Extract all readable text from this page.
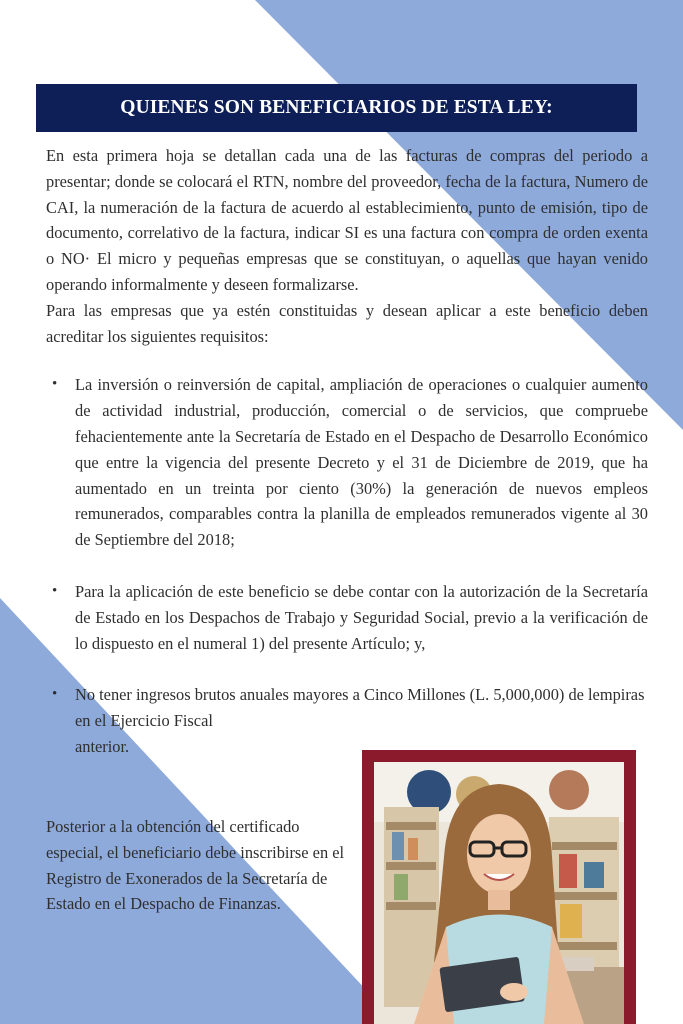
QUIENES SON BENEFICIARIOS DE ESTA LEY:

En esta primera hoja se detallan cada una de las facturas de compras del periodo a presentar; donde se colocará el RTN, nombre del proveedor, fecha de la factura, Numero de CAI, la numeración de la factura de acuerdo al establecimiento, punto de emisión, tipo de documento, correlativo de la factura, indicar SI es una factura con compra de orden exenta o NO· El micro y pequeñas empresas que se constituyan, o aquellas que hayan venido operando informalmente y deseen formalizarse.

Para las empresas que ya estén constituidas y desean aplicar a este beneficio deben acreditar los siguientes requisitos:

• La inversión o reinversión de capital, ampliación de operaciones o cualquier aumento de actividad industrial, producción, comercial o de servicios, que compruebe fehacientemente ante la Secretaría de Estado en el Despacho de Desarrollo Económico que entre la vigencia del presente Decreto y el 31 de Diciembre de 2019, que ha aumentado en un treinta por ciento (30%) la generación de nuevos empleos remunerados, comparables contra la planilla de empleados remunerados vigente al 30 de Septiembre del 2018;
• Para la aplicación de este beneficio se debe contar con la autorización de la Secretaría de Estado en los Despachos de Trabajo y Seguridad Social, previo a la verificación de lo dispuesto en el numeral 1) del presente Artículo; y,
• No tener ingresos brutos anuales mayores a Cinco Millones (L. 5,000,000) de lempiras en el Ejercicio Fiscal
anterior.

Posterior a la obtención del certificado especial, el beneficiario debe inscribirse en el Registro de Exonerados de la Secretaría de Estado en el Despacho de Finanzas.
